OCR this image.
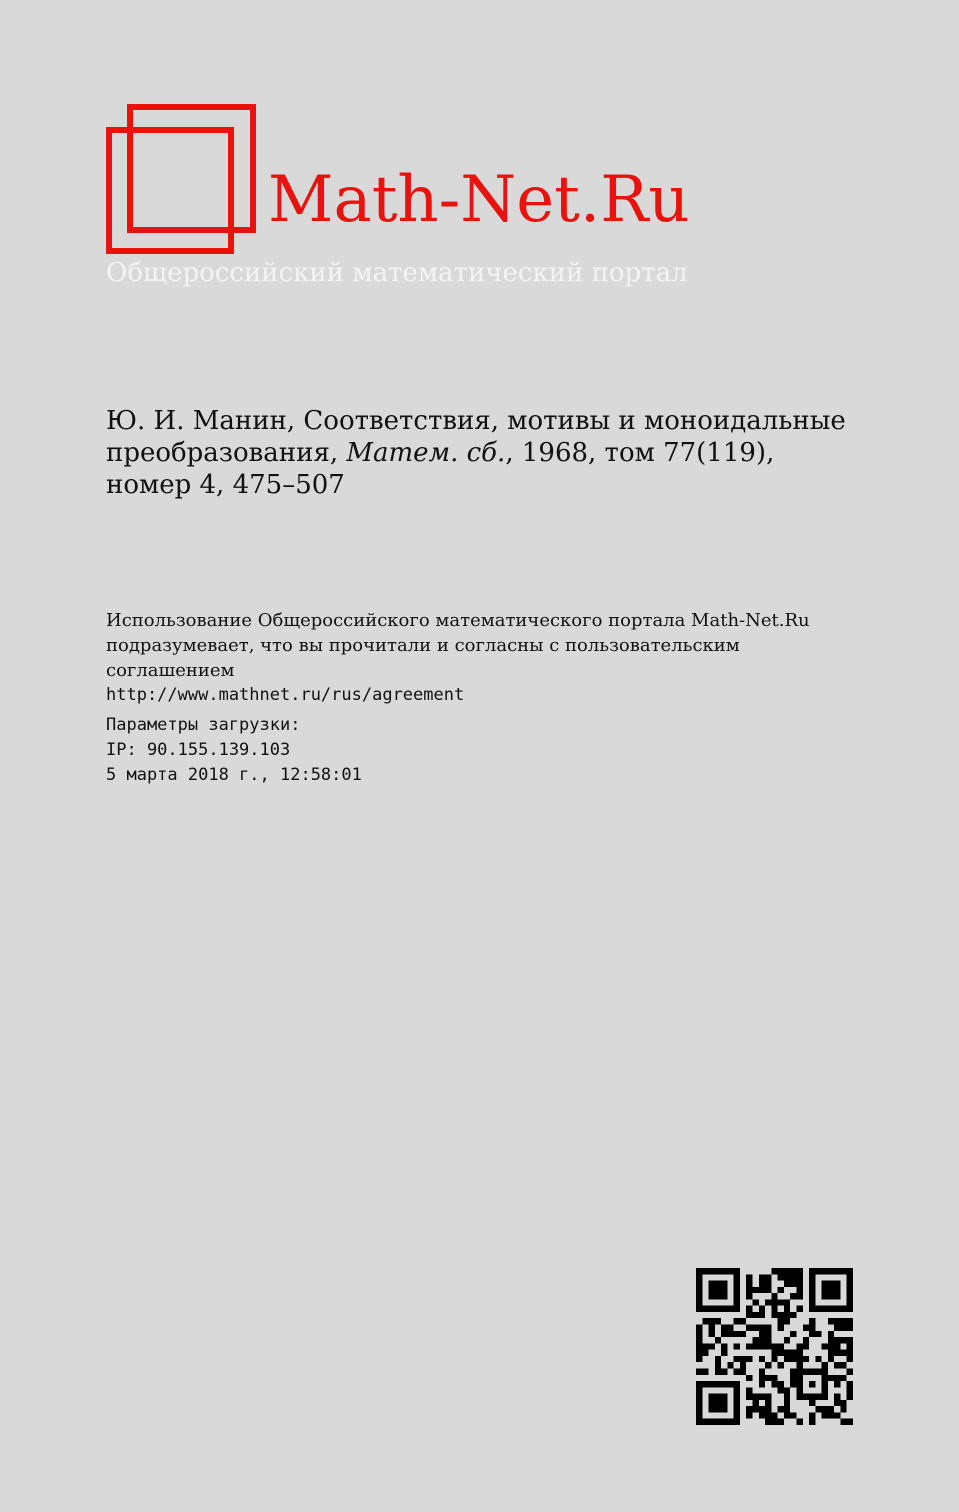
Math-Net.Ru
Общероссийский математический портал
Ю. И. Манин, Соответствия, мотивы и моноидальные преобразования, Матем. сб., 1968, том 77(119), номер 4, 475–507
Использование Общероссийского математического портала Math-Net.Ru подразумевает, что вы прочитали и согласны с пользовательским соглашением
http://www.mathnet.ru/rus/agreement
Параметры загрузки:
IP: 90.155.139.103
5 марта 2018 г., 12:58:01
